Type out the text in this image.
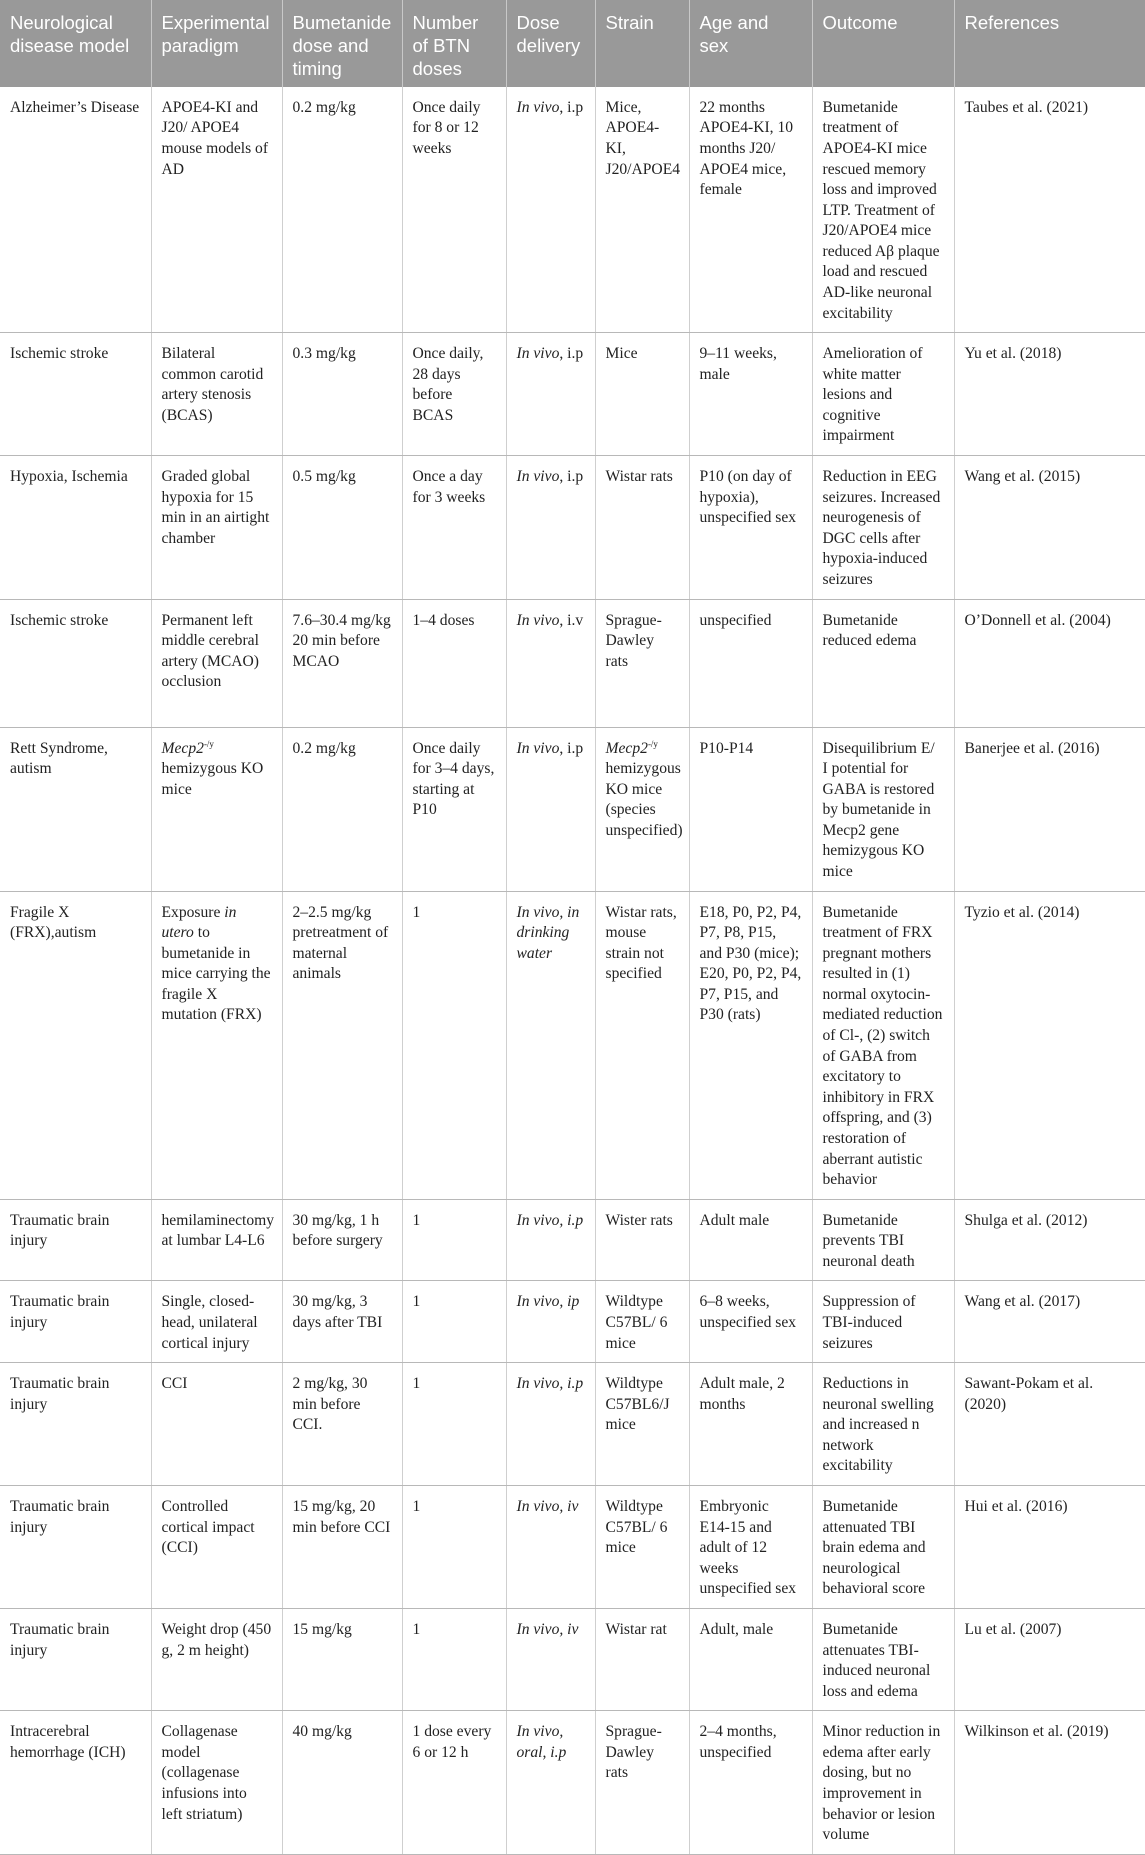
Neurological disease model	Experimental paradigm	Bumetanide dose and timing	Number of BTN doses	Dose delivery	Strain	Age and sex	Outcome	References
Alzheimer’s Disease	APOE4-KI and J20/ APOE4 mouse models of AD	0.2 mg/kg	Once daily for 8 or 12 weeks	In vivo, i.p	Mice, APOE4-KI, J20/APOE4	22 months APOE4-KI, 10 months J20/ APOE4 mice, female	Bumetanide treatment of APOE4-KI mice rescued memory loss and improved LTP. Treatment of J20/APOE4 mice reduced Aβ plaque load and rescued AD-like neuronal excitability	Taubes et al. (2021)
Ischemic stroke	Bilateral common carotid artery stenosis (BCAS)	0.3 mg/kg	Once daily, 28 days before BCAS	In vivo, i.p	Mice	9–11 weeks, male	Amelioration of white matter lesions and cognitive impairment	Yu et al. (2018)
Hypoxia, Ischemia	Graded global hypoxia for 15 min in an airtight chamber	0.5 mg/kg	Once a day for 3 weeks	In vivo, i.p	Wistar rats	P10 (on day of hypoxia), unspecified sex	Reduction in EEG seizures. Increased neurogenesis of DGC cells after hypoxia-induced seizures	Wang et al. (2015)
Ischemic stroke	Permanent left middle cerebral artery (MCAO) occlusion	7.6–30.4 mg/kg 20 min before MCAO	1–4 doses	In vivo, i.v	Sprague-Dawley rats	unspecified	Bumetanide reduced edema	O’Donnell et al. (2004)
Rett Syndrome, autism	$Mecp2^{-/y}$ hemizygous KO mice	0.2 mg/kg	Once daily for 3–4 days, starting at P10	In vivo, i.p	$Mecp2^{-/y}$ hemizygous KO mice (species unspecified)	P10-P14	Disequilibrium E/ I potential for GABA is restored by bumetanide in Mecp2 gene hemizygous KO mice	Banerjee et al. (2016)
Fragile X (FRX),autism	Exposure in utero to bumetanide in mice carrying the fragile X mutation (FRX)	2–2.5 mg/kg pretreatment of maternal animals	1	In vivo, in drinking water	Wistar rats, mouse strain not specified	E18, P0, P2, P4, P7, P8, P15, and P30 (mice); E20, P0, P2, P4, P7, P15, and P30 (rats)	Bumetanide treatment of FRX pregnant mothers resulted in (1) normal oxytocin-mediated reduction of Cl-, (2) switch of GABA from excitatory to inhibitory in FRX offspring, and (3) restoration of aberrant autistic behavior	Tyzio et al. (2014)
Traumatic brain injury	hemilaminectomy at lumbar L4-L6	30 mg/kg, 1 h before surgery	1	In vivo, i.p	Wister rats	Adult male	Bumetanide prevents TBI neuronal death	Shulga et al. (2012)
Traumatic brain injury	Single, closed-head, unilateral cortical injury	30 mg/kg, 3 days after TBI	1	In vivo, ip	Wildtype C57BL/ 6 mice	6–8 weeks, unspecified sex	Suppression of TBI-induced seizures	Wang et al. (2017)
Traumatic brain injury	CCI	2 mg/kg, 30 min before CCI.	1	In vivo, i.p	Wildtype C57BL6/J mice	Adult male, 2 months	Reductions in neuronal swelling and increased n network excitability	Sawant-Pokam et al. (2020)
Traumatic brain injury	Controlled cortical impact (CCI)	15 mg/kg, 20 min before CCI	1	In vivo, iv	Wildtype C57BL/ 6 mice	Embryonic E14-15 and adult of 12 weeks unspecified sex	Bumetanide attenuated TBI brain edema and neurological behavioral score	Hui et al. (2016)
Traumatic brain injury	Weight drop (450 g, 2 m height)	15 mg/kg	1	In vivo, iv	Wistar rat	Adult, male	Bumetanide attenuates TBI-induced neuronal loss and edema	Lu et al. (2007)
Intracerebral hemorrhage (ICH)	Collagenase model (collagenase infusions into left striatum)	40 mg/kg	1 dose every 6 or 12 h	In vivo, oral, i.p	Sprague-Dawley rats	2–4 months, unspecified	Minor reduction in edema after early dosing, but no improvement in behavior or lesion volume	Wilkinson et al. (2019)
